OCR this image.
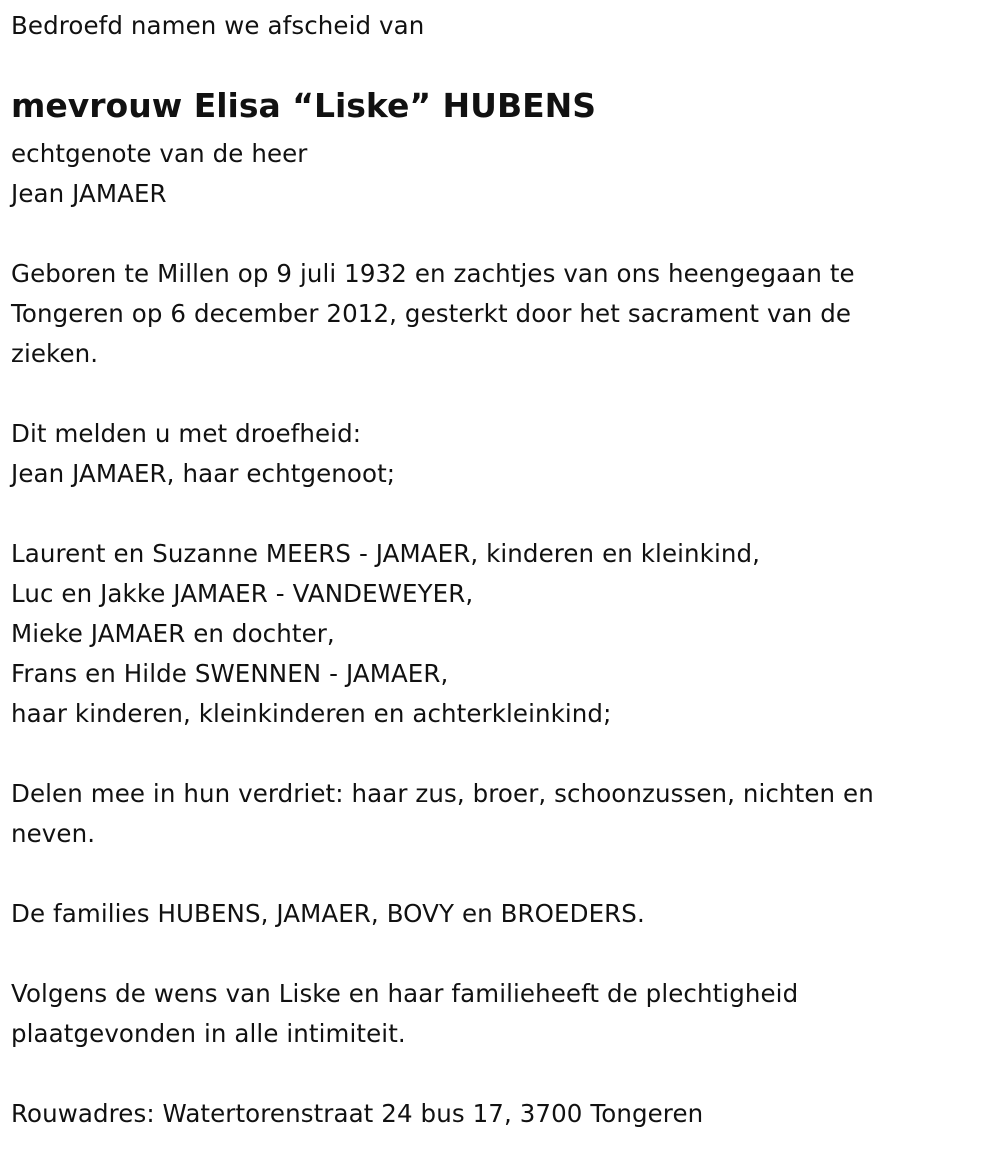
Bedroefd namen we afscheid van
mevrouw Elisa “Liske” HUBENS
echtgenote van de heer
Jean JAMAER
Geboren te Millen op 9 juli 1932 en zachtjes van ons heengegaan te
Tongeren op 6 december 2012, gesterkt door het sacrament van de
zieken.
Dit melden u met droefheid:
Jean JAMAER, haar echtgenoot;
Laurent en Suzanne MEERS - JAMAER, kinderen en kleinkind,
Luc en Jakke JAMAER - VANDEWEYER,
Mieke JAMAER en dochter,
Frans en Hilde SWENNEN - JAMAER,
haar kinderen, kleinkinderen en achterkleinkind;
Delen mee in hun verdriet: haar zus, broer, schoonzussen, nichten en
neven.
De families HUBENS, JAMAER, BOVY en BROEDERS.
Volgens de wens van Liske en haar familieheeft de plechtigheid
plaatgevonden in alle intimiteit.
Rouwadres: Watertorenstraat 24 bus 17, 3700 Tongeren
